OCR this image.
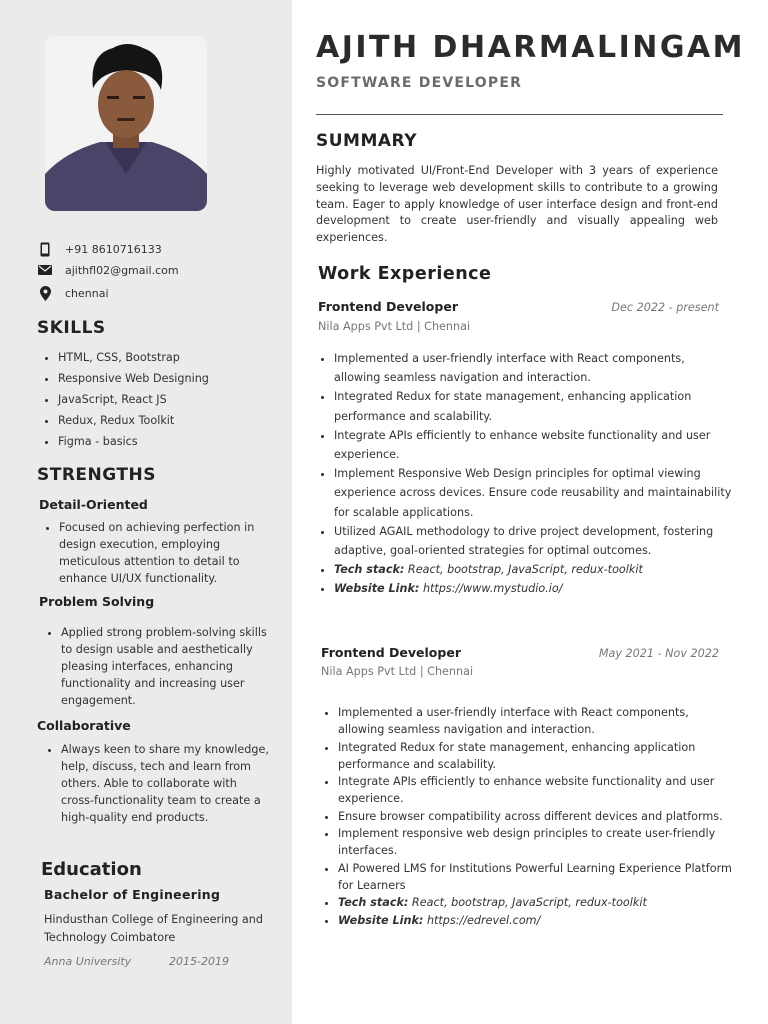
+91 8610716133
ajithfl02@gmail.com
chennai
SKILLS
• HTML, CSS, Bootstrap
• Responsive Web Designing
• JavaScript, React JS
• Redux, Redux Toolkit
• Figma - basics
STRENGTHS
Detail-Oriented
• Focused on achieving perfection in design execution, employing meticulous attention to detail to enhance UI/UX functionality.
Problem Solving
• Applied strong problem-solving skills to design usable and aesthetically pleasing interfaces, enhancing functionality and increasing user engagement.
Collaborative
• Always keen to share my knowledge, help, discuss, tech and learn from others. Able to collaborate with cross-functionality team to create a high-quality end products.
Education
Bachelor of Engineering
Hindusthan College of Engineering and Technology Coimbatore
Anna University	2015-2019
AJITH DHARMALINGAM
SOFTWARE DEVELOPER
SUMMARY
Highly motivated UI/Front-End Developer with 3 years of experience seeking to leverage web development skills to contribute to a growing team. Eager to apply knowledge of user interface design and front-end development to create user-friendly and visually appealing web experiences.
Work Experience
Frontend Developer	Dec 2022 - present
Nila Apps Pvt Ltd | Chennai
• Implemented a user-friendly interface with React components, allowing seamless navigation and interaction.
• Integrated Redux for state management, enhancing application performance and scalability.
• Integrate APIs efficiently to enhance website functionality and user experience.
• Implement Responsive Web Design principles for optimal viewing experience across devices. Ensure code reusability and maintainability for scalable applications.
• Utilized AGAIL methodology to drive project development, fostering adaptive, goal-oriented strategies for optimal outcomes.
• Tech stack: React, bootstrap, JavaScript, redux-toolkit
• Website Link: https://www.mystudio.io/
Frontend Developer	May 2021 - Nov 2022
Nila Apps Pvt Ltd | Chennai
• Implemented a user-friendly interface with React components, allowing seamless navigation and interaction.
• Integrated Redux for state management, enhancing application performance and scalability.
• Integrate APIs efficiently to enhance website functionality and user experience.
• Ensure browser compatibility across different devices and platforms.
• Implement responsive web design principles to create user-friendly interfaces.
• AI Powered LMS for Institutions Powerful Learning Experience Platform for Learners
• Tech stack: React, bootstrap, JavaScript, redux-toolkit
• Website Link: https://edrevel.com/
